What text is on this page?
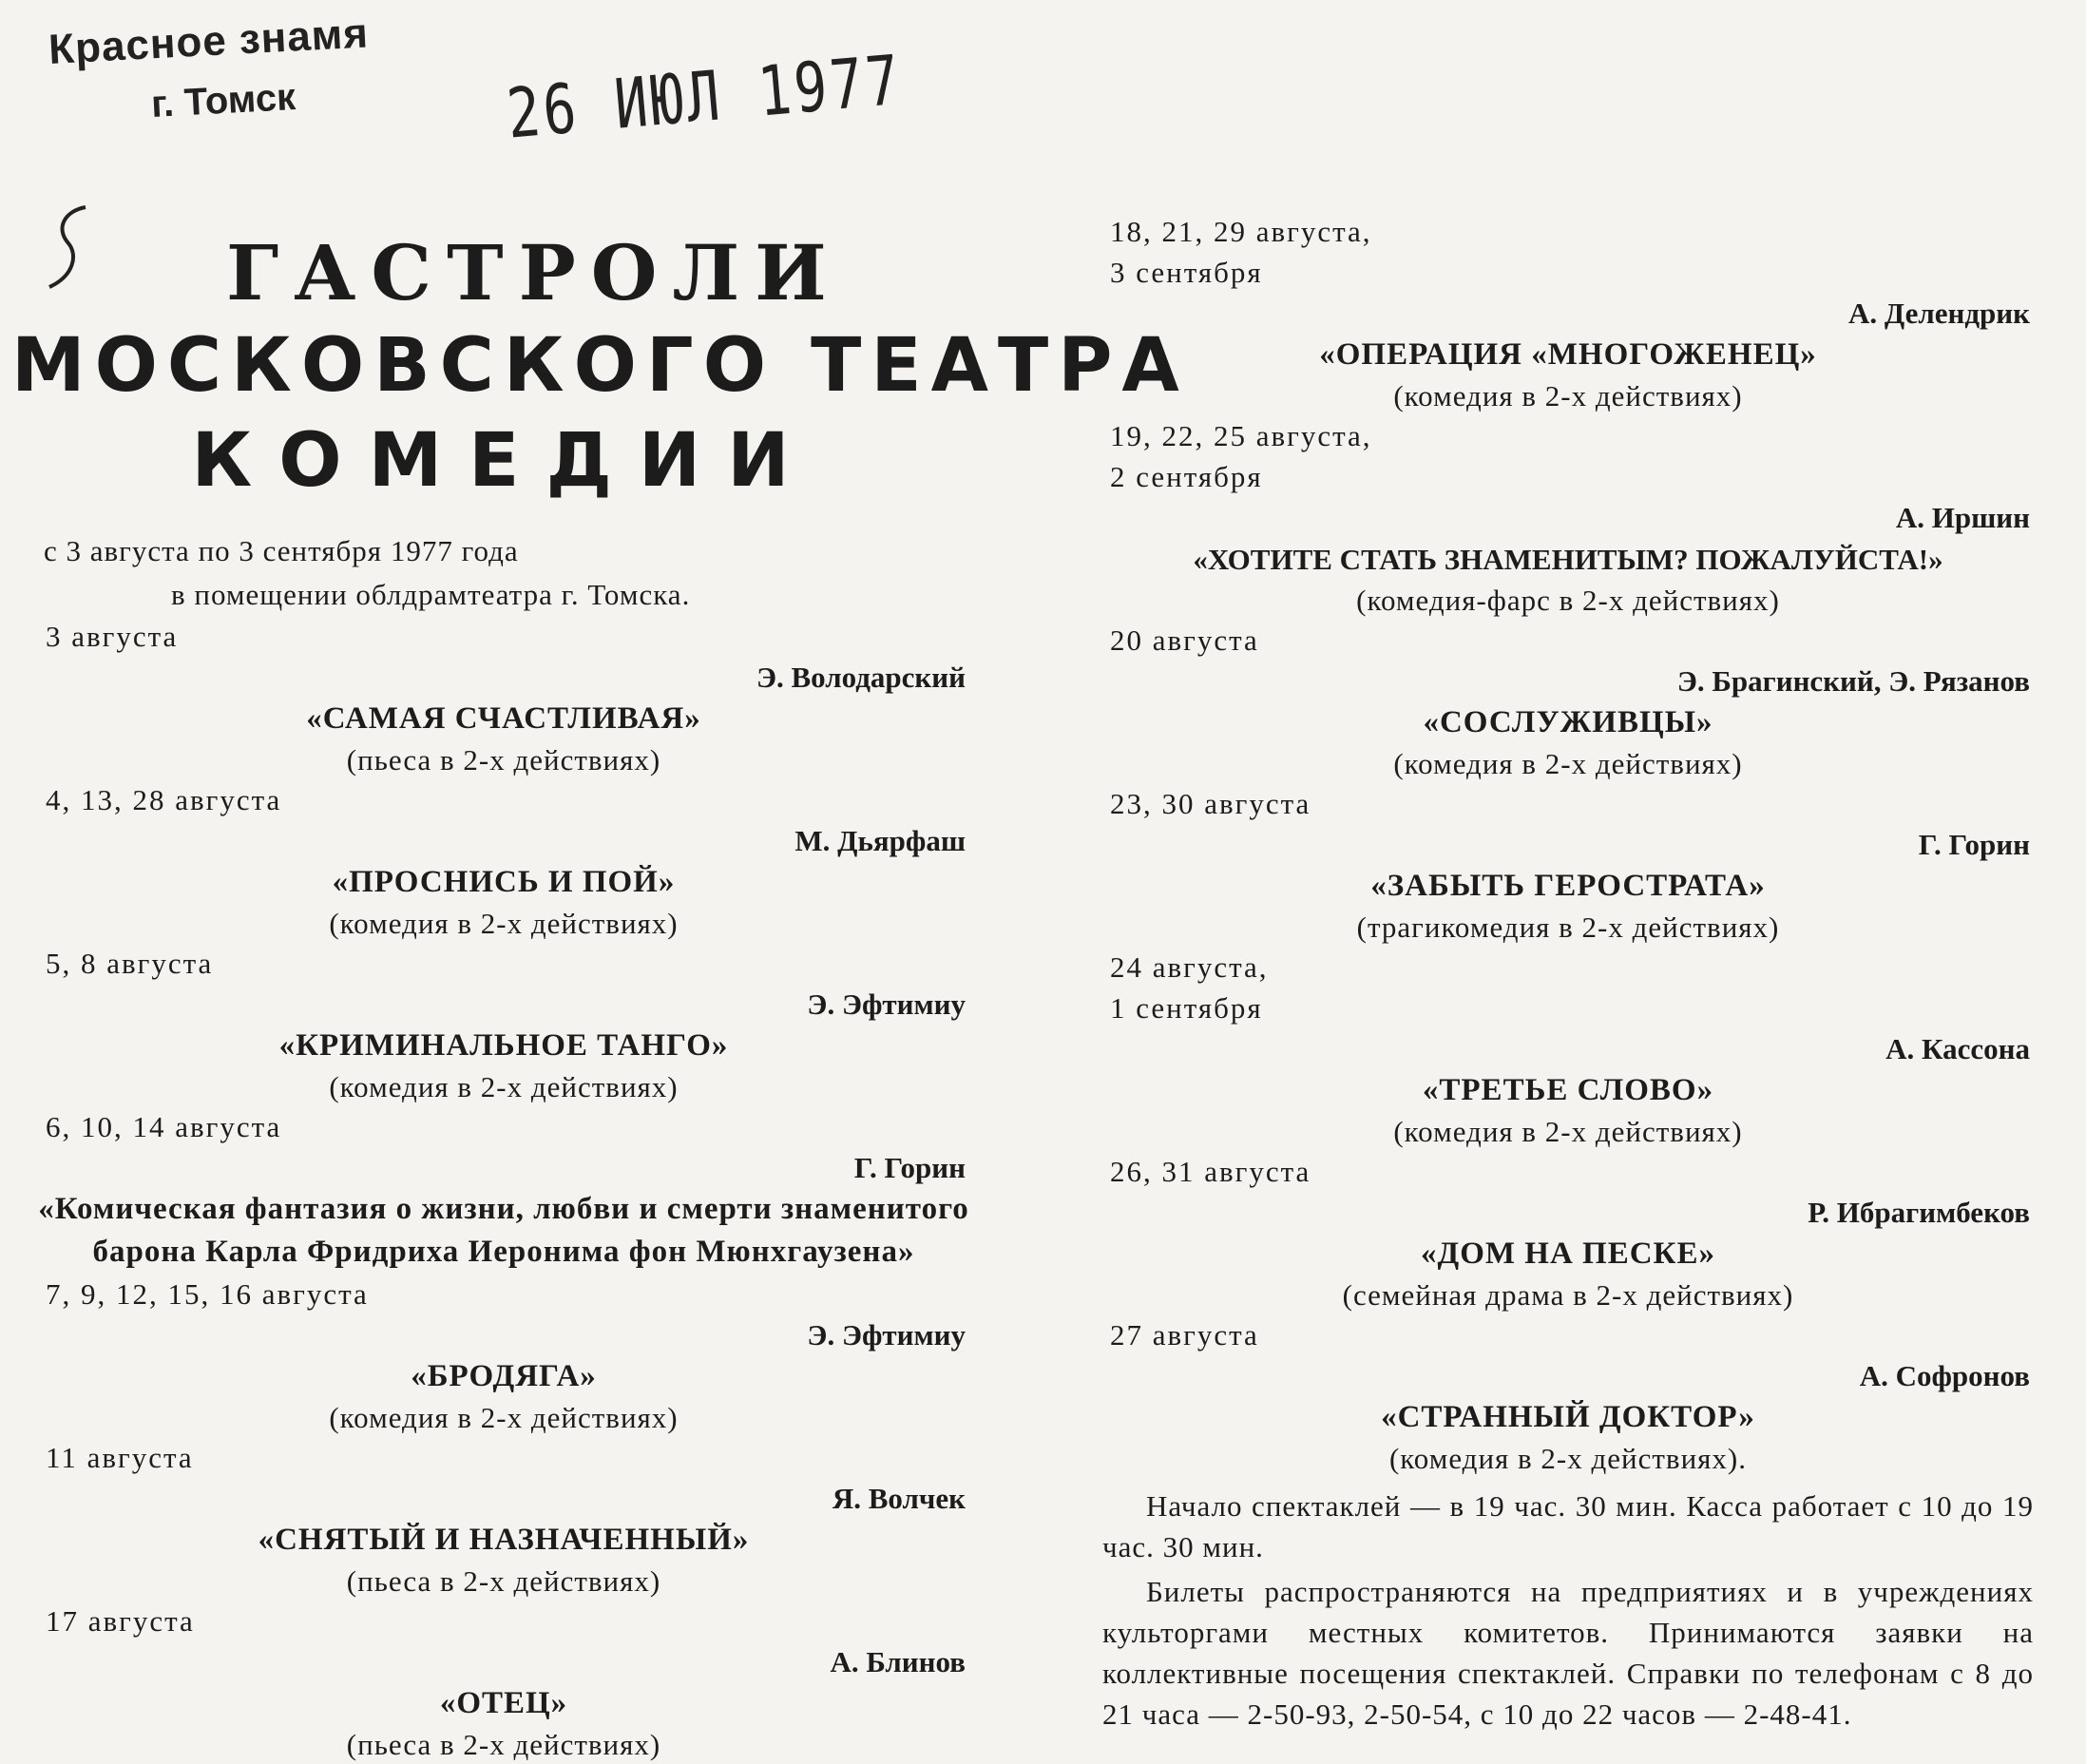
Красное знамя
г. Томск	26 ИЮЛ 1977
ГАСТРОЛИ
МОСКОВСКОГО ТЕАТРА
КОМЕДИИ
с 3 августа по 3 сентября 1977 года
в помещении облдрамтеатра г. Томска.
3 августа
Э. Володарский
«САМАЯ СЧАСТЛИВАЯ»
(пьеса в 2-х действиях)
4, 13, 28 августа
М. Дьярфаш
«ПРОСНИСЬ И ПОЙ»
(комедия в 2-х действиях)
5, 8 августа
Э. Эфтимиу
«КРИМИНАЛЬНОЕ ТАНГО»
(комедия в 2-х действиях)
6, 10, 14 августа
Г. Горин
«Комическая фантазия о жизни, любви и смерти знаменитого барона Карла Фридриха Иеронима фон Мюнхгаузена»
7, 9, 12, 15, 16 августа
Э. Эфтимиу
«БРОДЯГА»
(комедия в 2-х действиях)
11 августа
Я. Волчек
«СНЯТЫЙ И НАЗНАЧЕННЫЙ»
(пьеса в 2-х действиях)
17 августа
А. Блинов
«ОТЕЦ»
(пьеса в 2-х действиях)
18, 21, 29 августа,
3 сентября
А. Делендрик
«ОПЕРАЦИЯ «МНОГОЖЕНЕЦ»
(комедия в 2-х действиях)
19, 22, 25 августа,
2 сентября
А. Иршин
«ХОТИТЕ СТАТЬ ЗНАМЕНИТЫМ? ПОЖАЛУЙСТА!»
(комедия-фарс в 2-х действиях)
20 августа
Э. Брагинский, Э. Рязанов
«СОСЛУЖИВЦЫ»
(комедия в 2-х действиях)
23, 30 августа
Г. Горин
«ЗАБЫТЬ ГЕРОСТРАТА»
(трагикомедия в 2-х действиях)
24 августа,
1 сентября
А. Кассона
«ТРЕТЬЕ СЛОВО»
(комедия в 2-х действиях)
26, 31 августа
Р. Ибрагимбеков
«ДОМ НА ПЕСКЕ»
(семейная драма в 2-х действиях)
27 августа
А. Софронов
«СТРАННЫЙ ДОКТОР»
(комедия в 2-х действиях).

Начало спектаклей — в 19 час. 30 мин. Касса работает с 10 до 19 час. 30 мин.

Билеты распространяются на предприятиях и в учреждениях культоргами местных комитетов. Принимаются заявки на коллективные посещения спектаклей. Справки по телефонам с 8 до 21 часа — 2-50-93, 2-50-54, с 10 до 22 часов — 2-48-41.
